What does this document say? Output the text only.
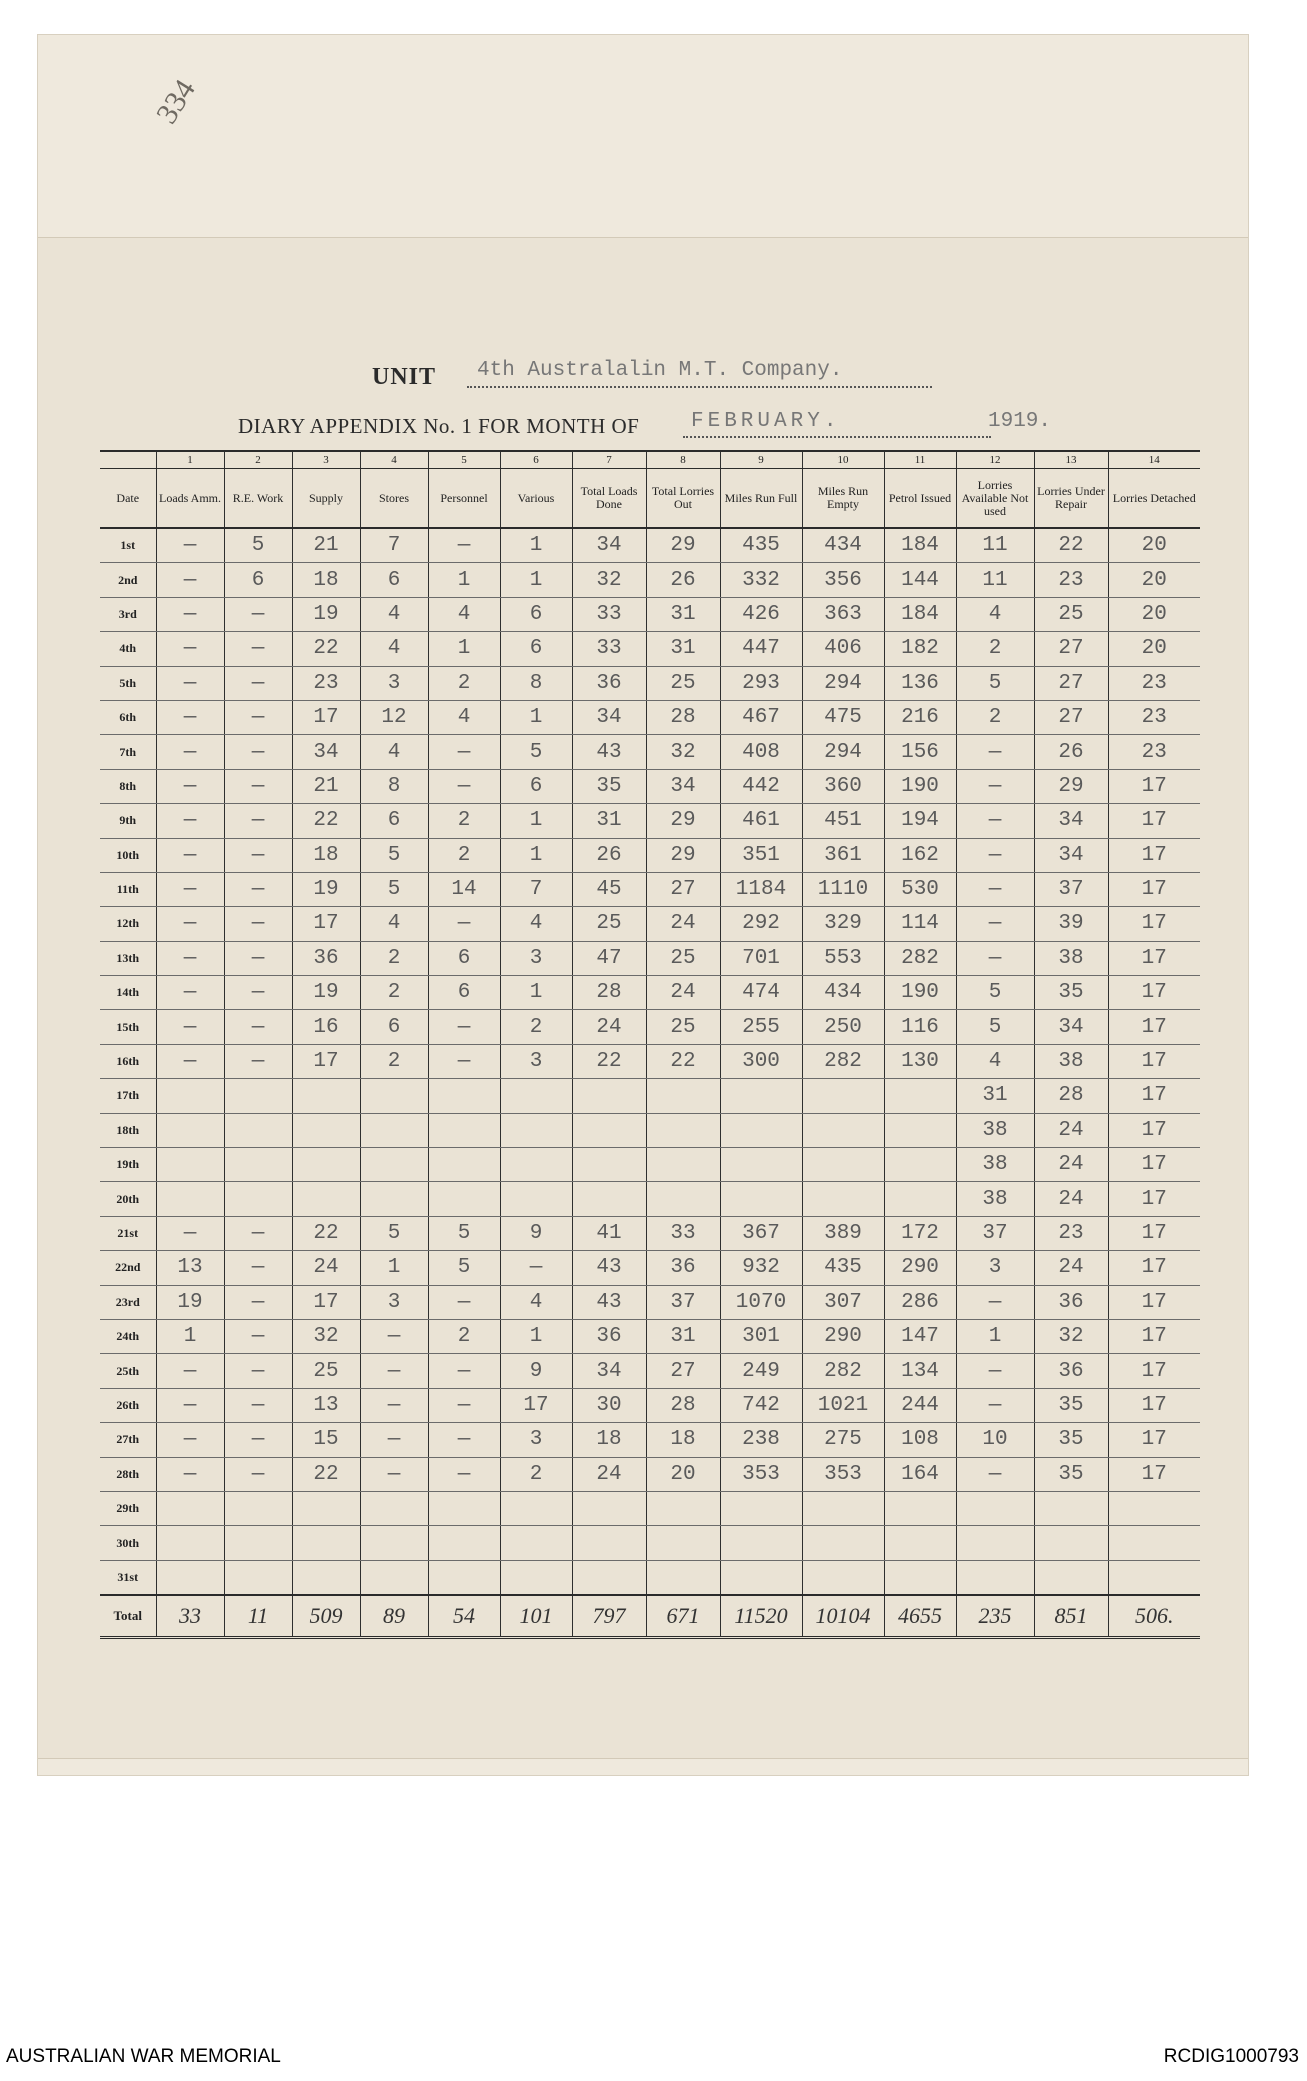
334
UNIT	4th Australalin M.T. Company.
DIARY APPENDIX No. 1 FOR MONTH OF	FEBRUARY.	1919.
	1	2	3	4	5	6	7	8	9	10	11	12	13	14
Date	Loads Amm.	R.E. Work	Supply	Stores	Personnel	Various	Total Loads Done	Total Lorries Out	Miles Run Full	Miles Run Empty	Petrol Issued	Lorries Available Not used	Lorries Under Repair	Lorries Detached
1st	—	5	21	7	—	1	34	29	435	434	184	11	22	20
2nd	—	6	18	6	1	1	32	26	332	356	144	11	23	20
3rd	—	—	19	4	4	6	33	31	426	363	184	4	25	20
4th	—	—	22	4	1	6	33	31	447	406	182	2	27	20
5th	—	—	23	3	2	8	36	25	293	294	136	5	27	23
6th	—	—	17	12	4	1	34	28	467	475	216	2	27	23
7th	—	—	34	4	—	5	43	32	408	294	156	—	26	23
8th	—	—	21	8	—	6	35	34	442	360	190	—	29	17
9th	—	—	22	6	2	1	31	29	461	451	194	—	34	17
10th	—	—	18	5	2	1	26	29	351	361	162	—	34	17
11th	—	—	19	5	14	7	45	27	1184	1110	530	—	37	17
12th	—	—	17	4	—	4	25	24	292	329	114	—	39	17
13th	—	—	36	2	6	3	47	25	701	553	282	—	38	17
14th	—	—	19	2	6	1	28	24	474	434	190	5	35	17
15th	—	—	16	6	—	2	24	25	255	250	116	5	34	17
16th	—	—	17	2	—	3	22	22	300	282	130	4	38	17
17th												31	28	17
18th												38	24	17
19th												38	24	17
20th												38	24	17
21st	—	—	22	5	5	9	41	33	367	389	172	37	23	17
22nd	13	—	24	1	5	—	43	36	932	435	290	3	24	17
23rd	19	—	17	3	—	4	43	37	1070	307	286	—	36	17
24th	1	—	32	—	2	1	36	31	301	290	147	1	32	17
25th	—	—	25	—	—	9	34	27	249	282	134	—	36	17
26th	—	—	13	—	—	17	30	28	742	1021	244	—	35	17
27th	—	—	15	—	—	3	18	18	238	275	108	10	35	17
28th	—	—	22	—	—	2	24	20	353	353	164	—	35	17
29th														
30th														
31st														
Total	33	11	509	89	54	101	797	671	11520	10104	4655	235	851	506.
AUSTRALIAN WAR MEMORIAL	RCDIG1000793
